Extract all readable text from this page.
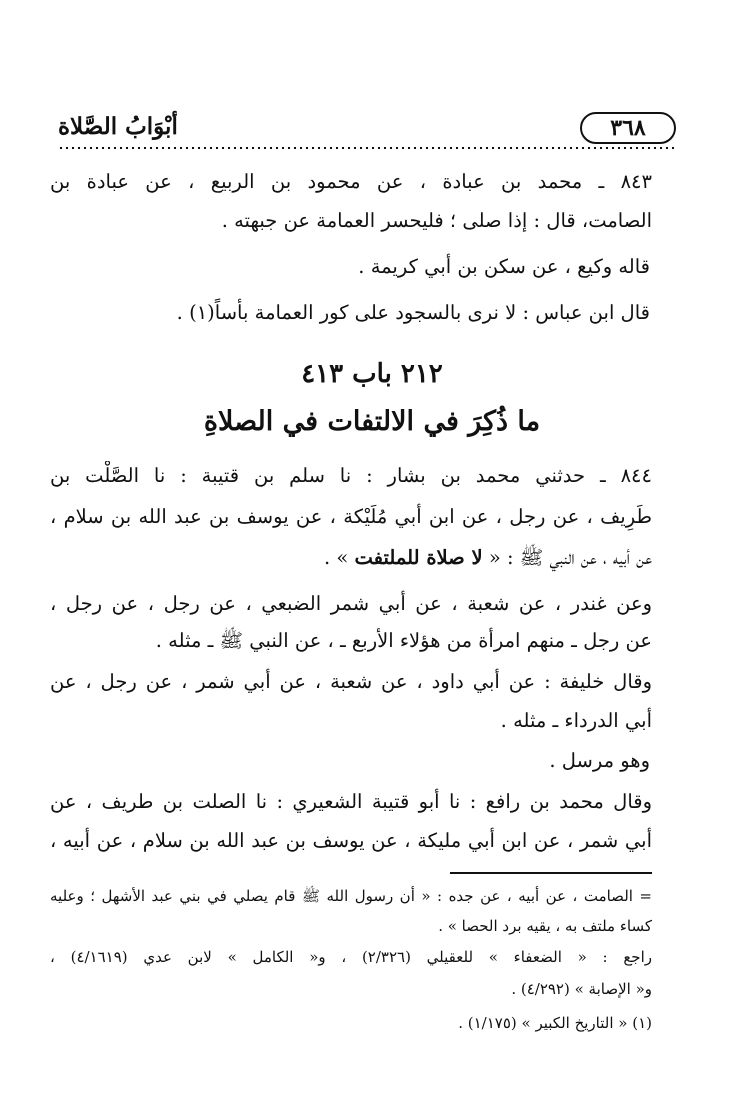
أبْوَابُ الصَّلاة	٣٦٨
٨٤٣ ـ محمد بن عبادة ، عن محمود بن الربيع ، عن عبادة بن
الصامت، قال : إذا صلى ؛ فليحسر العمامة عن جبهته .
قاله وكيع ، عن سكن بن أبي كريمة .
قال ابن عباس : لا نرى بالسجود على كور العمامة بأساً(١) .
٢١٢ باب ٤١٣
ما ذُكِرَ في الالتفات في الصلاةِ
٨٤٤ ـ حدثني محمد بن بشار : نا سلم بن قتيبة : نا الصَّلْت بن
طَرِيف ، عن رجل ، عن ابن أبي مُلَيْكة ، عن يوسف بن عبد الله بن سلام ،
عن أبيه ، عن النبي ﷺ : « لا صلاة للملتفت » .
وعن غندر ، عن شعبة ، عن أبي شمر الضبعي ، عن رجل ، عن رجل ،
عن رجل ـ منهم امرأة من هؤلاء الأربع ـ ، عن النبي ﷺ ـ مثله .
وقال خليفة : عن أبي داود ، عن شعبة ، عن أبي شمر ، عن رجل ، عن
أبي الدرداء ـ مثله .
وهو مرسل .
وقال محمد بن رافع : نا أبو قتيبة الشعيري : نا الصلت بن طريف ، عن
أبي شمر ، عن ابن أبي مليكة ، عن يوسف بن عبد الله بن سلام ، عن أبيه ،
= الصامت ، عن أبيه ، عن جده : « أن رسول الله ﷺ قام يصلي في بني عبد الأشهل ؛ وعليه
كساء ملتف به ، يقيه برد الحصا » .
راجع : « الضعفاء » للعقيلي (٢/٣٢٦) ، و« الكامل » لابن عدي (٤/١٦١٩) ،
و« الإصابة » (٤/٢٩٢) .
(١) « التاريخ الكبير » (١/١٧٥) .
